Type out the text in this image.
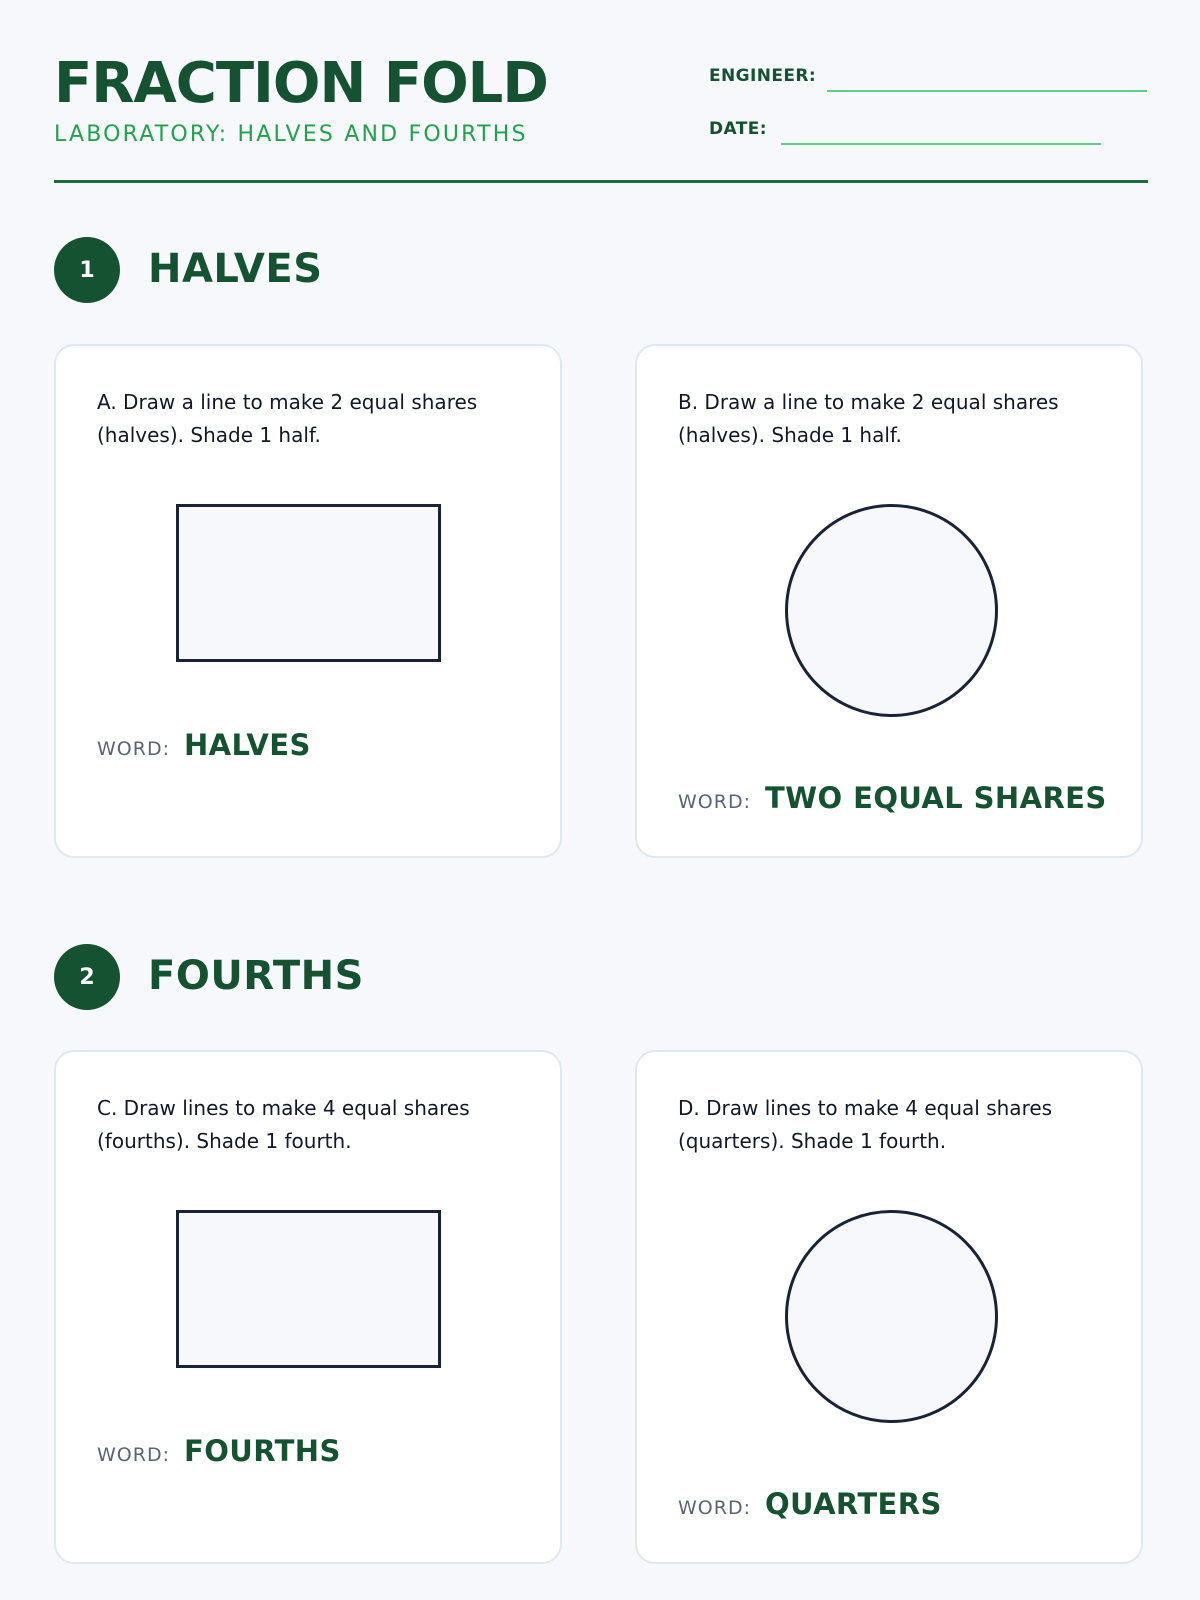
FRACTION FOLD
LABORATORY: HALVES AND FOURTHS
ENGINEER:
DATE:
1	HALVES

A. Draw a line to make 2 equal shares (halves). Shade 1 half.

WORD: HALVES

B. Draw a line to make 2 equal shares (halves). Shade 1 half.

WORD: TWO EQUAL SHARES
2	FOURTHS

C. Draw lines to make 4 equal shares (fourths). Shade 1 fourth.

WORD: FOURTHS

D. Draw lines to make 4 equal shares (quarters). Shade 1 fourth.

WORD: QUARTERS
